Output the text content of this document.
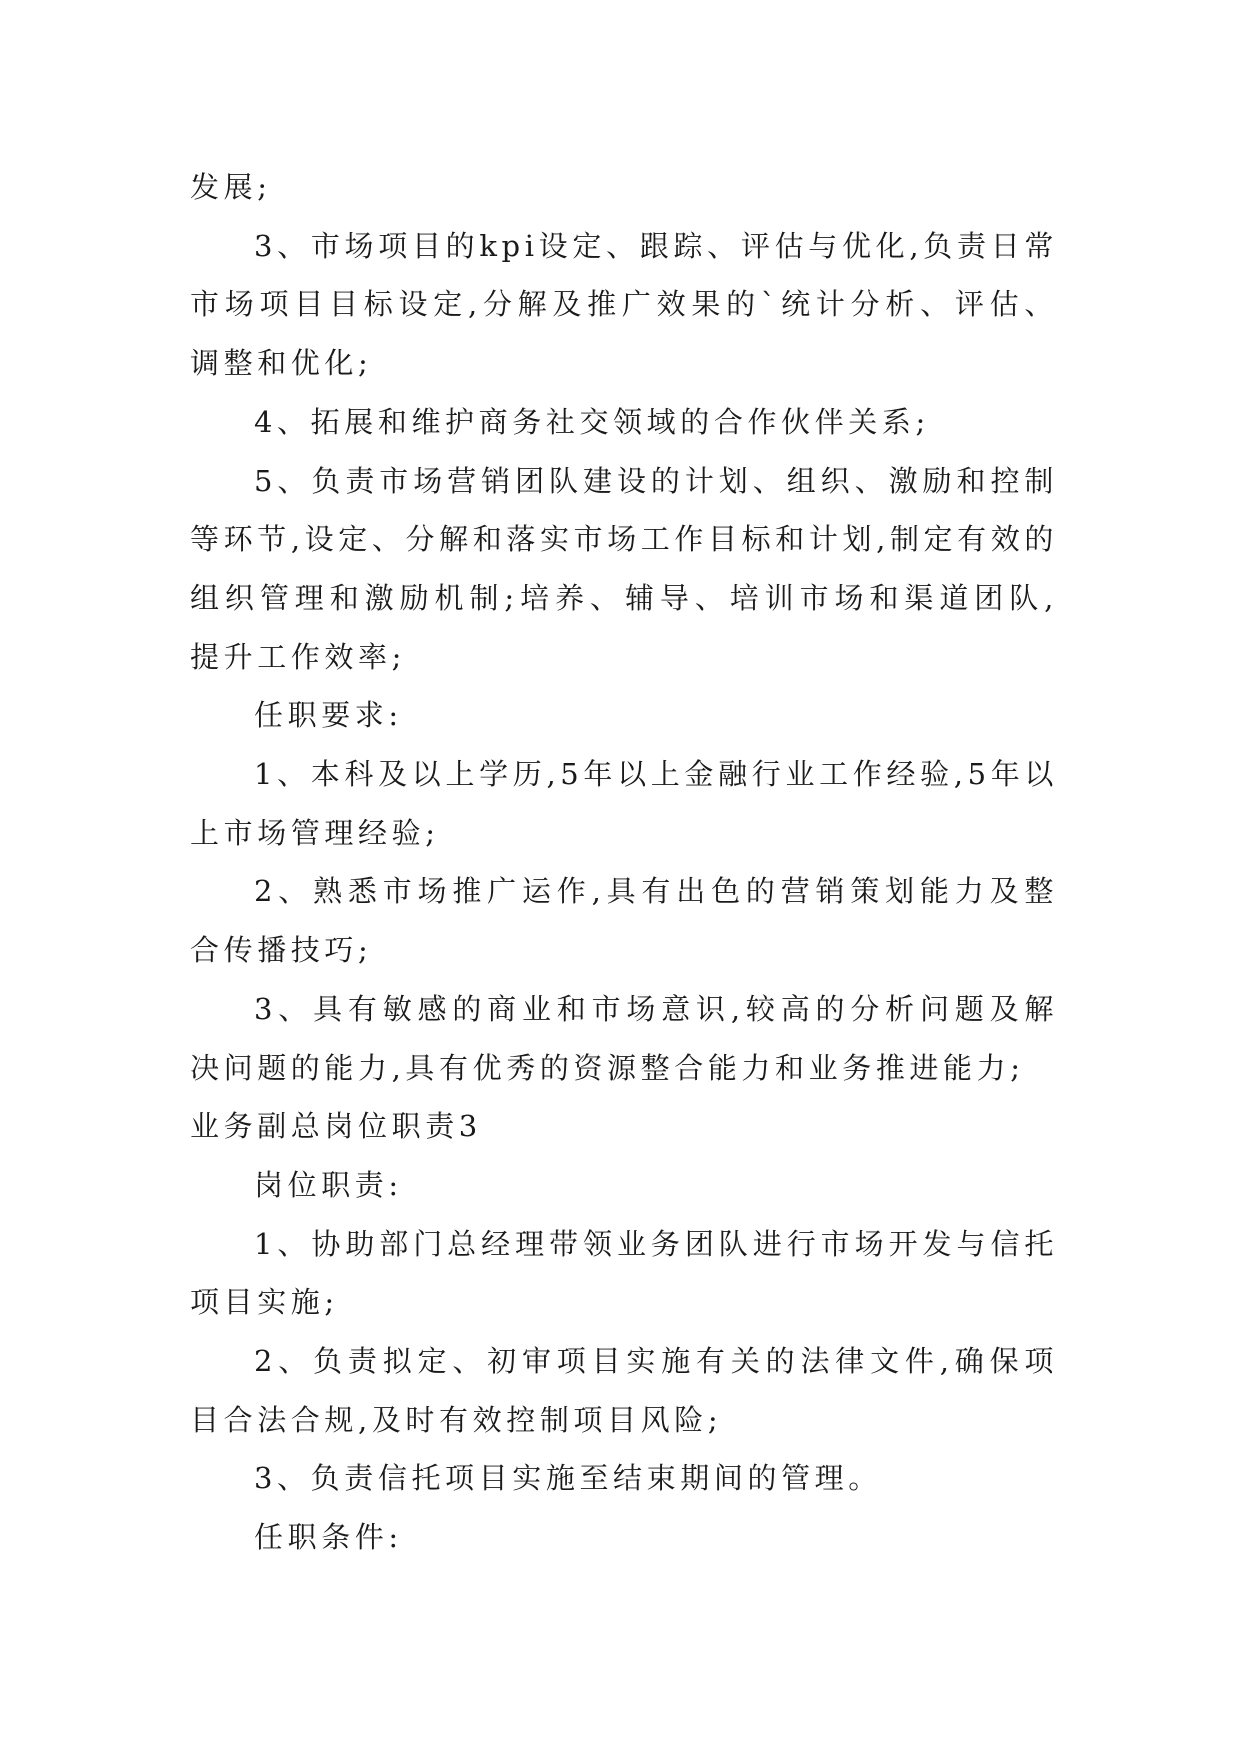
发展;

3、市场项目的kpi设定、跟踪、评估与优化,负责日常市场项目目标设定,分解及推广效果的`统计分析、评估、调整和优化;

4、拓展和维护商务社交领域的合作伙伴关系;

5、负责市场营销团队建设的计划、组织、激励和控制等环节,设定、分解和落实市场工作目标和计划,制定有效的组织管理和激励机制;培养、辅导、培训市场和渠道团队,提升工作效率;

任职要求:

1、本科及以上学历,5年以上金融行业工作经验,5年以上市场管理经验;

2、熟悉市场推广运作,具有出色的营销策划能力及整合传播技巧;

3、具有敏感的商业和市场意识,较高的分析问题及解决问题的能力,具有优秀的资源整合能力和业务推进能力;

业务副总岗位职责3

岗位职责:

1、协助部门总经理带领业务团队进行市场开发与信托项目实施;

2、负责拟定、初审项目实施有关的法律文件,确保项目合法合规,及时有效控制项目风险;

3、负责信托项目实施至结束期间的管理。

任职条件:
